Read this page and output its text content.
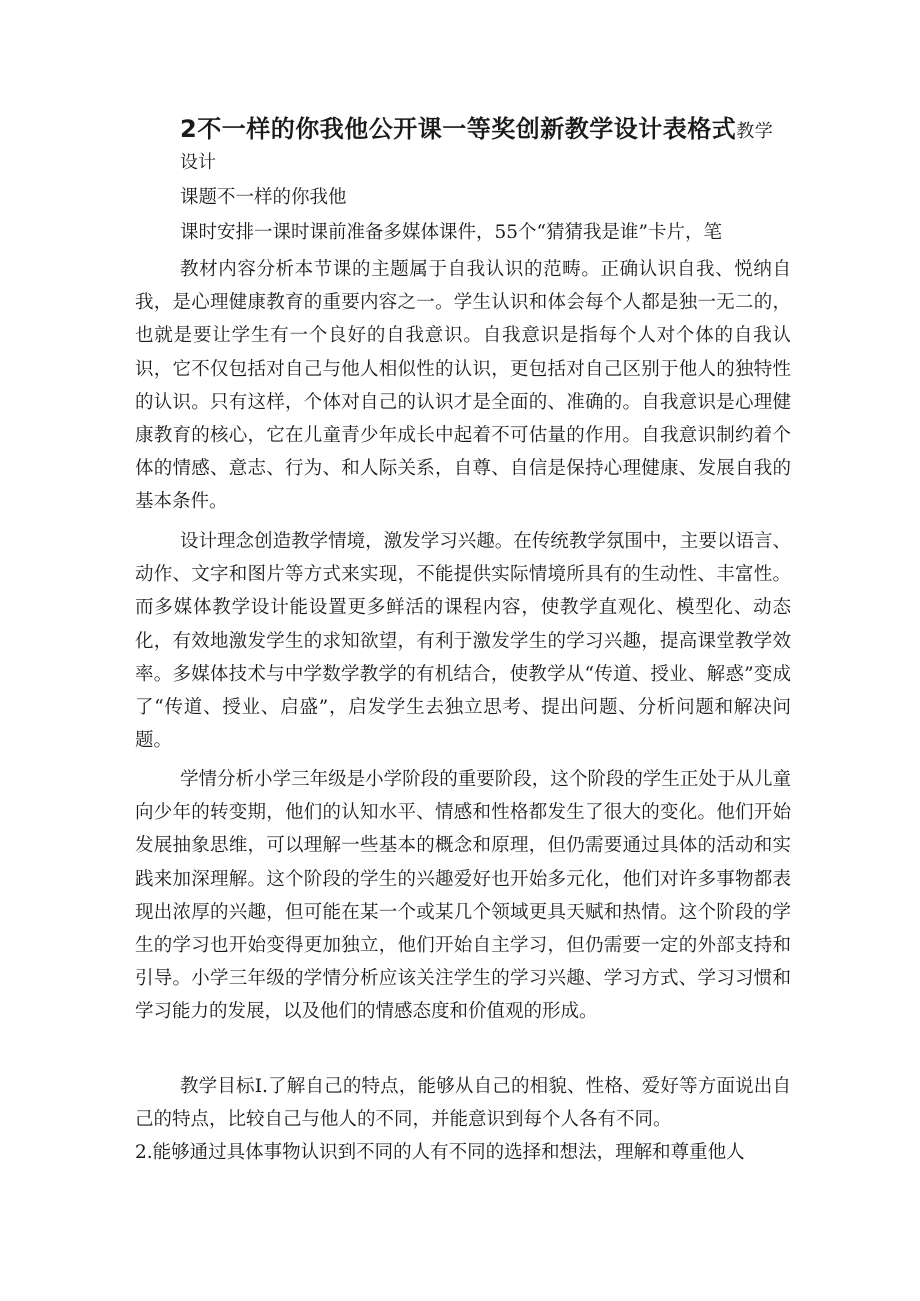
2不一样的你我他公开课一等奖创新教学设计表格式教学

设计

课题不一样的你我他

课时安排一课时课前准备多媒体课件，55个“猜猜我是谁”卡片，笔

教材内容分析本节课的主题属于自我认识的范畴。正确认识自我、悦纳自我，是心理健康教育的重要内容之一。学生认识和体会每个人都是独一无二的，也就是要让学生有一个良好的自我意识。自我意识是指每个人对个体的自我认识，它不仅包括对自己与他人相似性的认识，更包括对自己区别于他人的独特性的认识。只有这样，个体对自己的认识才是全面的、准确的。自我意识是心理健康教育的核心，它在儿童青少年成长中起着不可估量的作用。自我意识制约着个体的情感、意志、行为、和人际关系，自尊、自信是保持心理健康、发展自我的基本条件。

设计理念创造教学情境，激发学习兴趣。在传统教学氛围中，主要以语言、动作、文字和图片等方式来实现，不能提供实际情境所具有的生动性、丰富性。而多媒体教学设计能设置更多鲜活的课程内容，使教学直观化、模型化、动态化，有效地激发学生的求知欲望，有利于激发学生的学习兴趣，提高课堂教学效率。多媒体技术与中学数学教学的有机结合，使教学从“传道、授业、解惑”变成了“传道、授业、启盛”，启发学生去独立思考、提出问题、分析问题和解决问题。

学情分析小学三年级是小学阶段的重要阶段，这个阶段的学生正处于从儿童向少年的转变期，他们的认知水平、情感和性格都发生了很大的变化。他们开始发展抽象思维，可以理解一些基本的概念和原理，但仍需要通过具体的活动和实践来加深理解。这个阶段的学生的兴趣爱好也开始多元化，他们对许多事物都表现出浓厚的兴趣，但可能在某一个或某几个领域更具天赋和热情。这个阶段的学生的学习也开始变得更加独立，他们开始自主学习，但仍需要一定的外部支持和引导。小学三年级的学情分析应该关注学生的学习兴趣、学习方式、学习习惯和学习能力的发展，以及他们的情感态度和价值观的形成。

教学目标I.了解自己的特点，能够从自己的相貌、性格、爱好等方面说出自己的特点，比较自己与他人的不同，并能意识到每个人各有不同。

2.能够通过具体事物认识到不同的人有不同的选择和想法，理解和尊重他人
